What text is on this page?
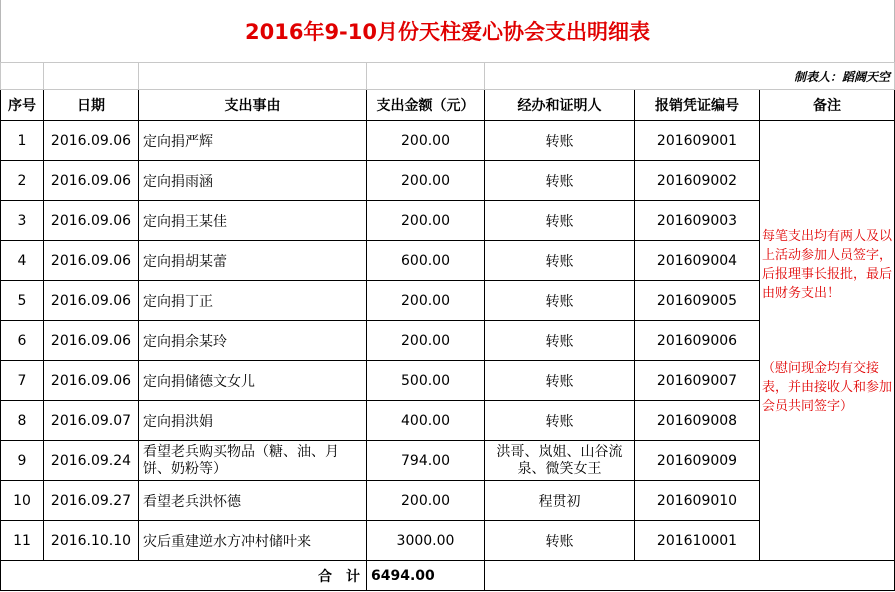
2016年9-10月份天柱爱心协会支出明细表
				制表人：蹈阔天空		
序号	日期	支出事由	支出金额（元）	经办和证明人	报销凭证编号	备注
1	2016.09.06	定向捐严辉	200.00	转账	201609001	每笔支出均有两人及以上活动参加人员签字，后报理事长报批，最后由财务支出！

（慰问现金均有交接表，并由接收人和参加会员共同签字）

2	2016.09.06	定向捐雨涵	200.00	转账	201609002	
3	2016.09.06	定向捐王某佳	200.00	转账	201609003	
4	2016.09.06	定向捐胡某蕾	600.00	转账	201609004	
5	2016.09.06	定向捐丁正	200.00	转账	201609005	
6	2016.09.06	定向捐余某玲	200.00	转账	201609006	
7	2016.09.06	定向捐储德文女儿	500.00	转账	201609007	
8	2016.09.07	定向捐洪娟	400.00	转账	201609008	
9	2016.09.24	看望老兵购买物品（糖、油、月饼、奶粉等）	794.00	洪哥、岚姐、山谷流泉、微笑女王	201609009	
10	2016.09.27	看望老兵洪怀德	200.00	程贯初	201609010	
11	2016.10.10	灾后重建逆水方冲村储叶来	3000.00	转账	201610001	
合　计			6494.00			
